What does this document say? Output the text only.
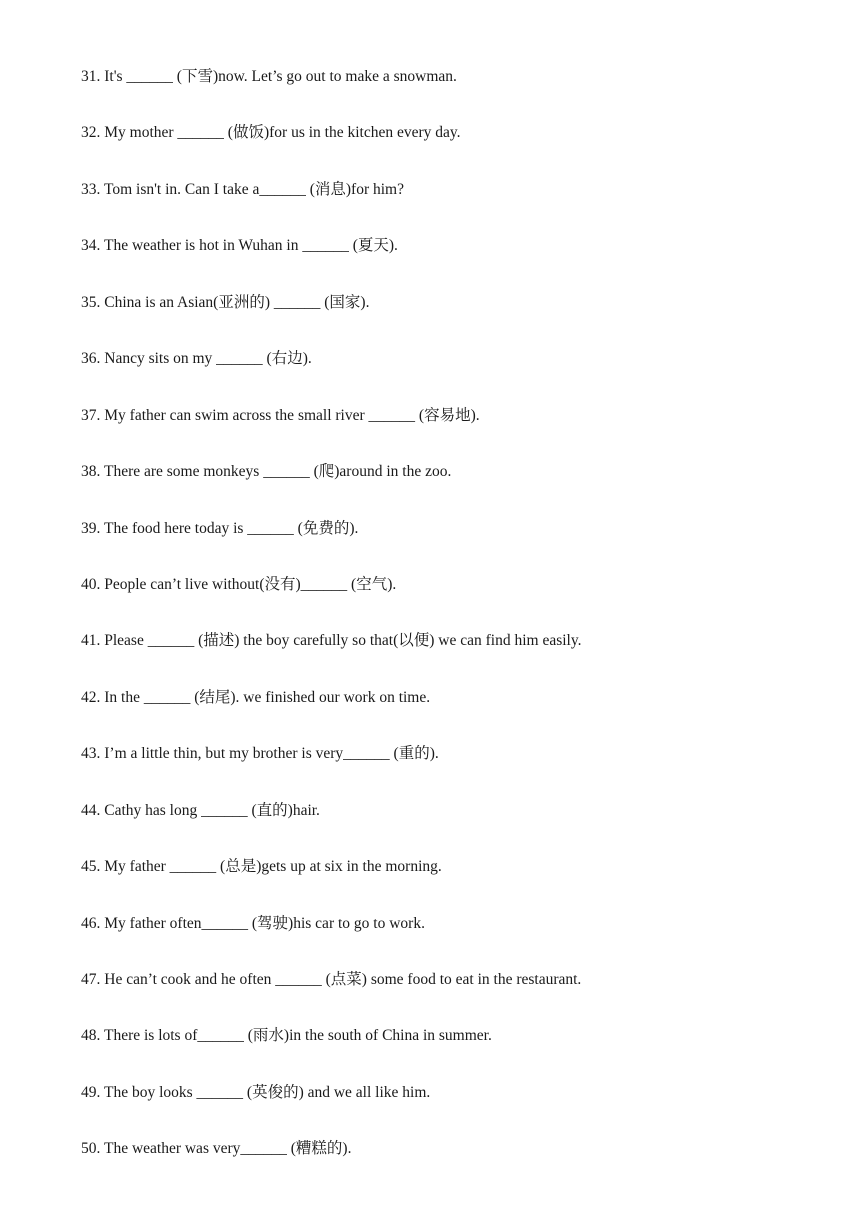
31. It's ______ (下雪)now. Let’s go out to make a snowman.
32. My mother ______ (做饭)for us in the kitchen every day.
33. Tom isn't in. Can I take a______ (消息)for him?
34. The weather is hot in Wuhan in ______ (夏天).
35. China is an Asian(亚洲的) ______ (国家).
36. Nancy sits on my ______ (右边).
37. My father can swim across the small river ______ (容易地).
38. There are some monkeys ______ (爬)around in the zoo.
39. The food here today is ______ (免费的).
40. People can’t live without(没有)______ (空气).
41. Please ______ (描述) the boy carefully so that(以便) we can find him easily.
42. In the ______ (结尾). we finished our work on time.
43. I’m a little thin, but my brother is very______ (重的).
44. Cathy has long ______ (直的)hair.
45. My father ______ (总是)gets up at six in the morning.
46. My father often______ (驾驶)his car to go to work.
47. He can’t cook and he often ______ (点菜) some food to eat in the restaurant.
48. There is lots of______ (雨水)in the south of China in summer.
49. The boy looks ______ (英俊的) and we all like him.
50. The weather was very______ (糟糕的).
